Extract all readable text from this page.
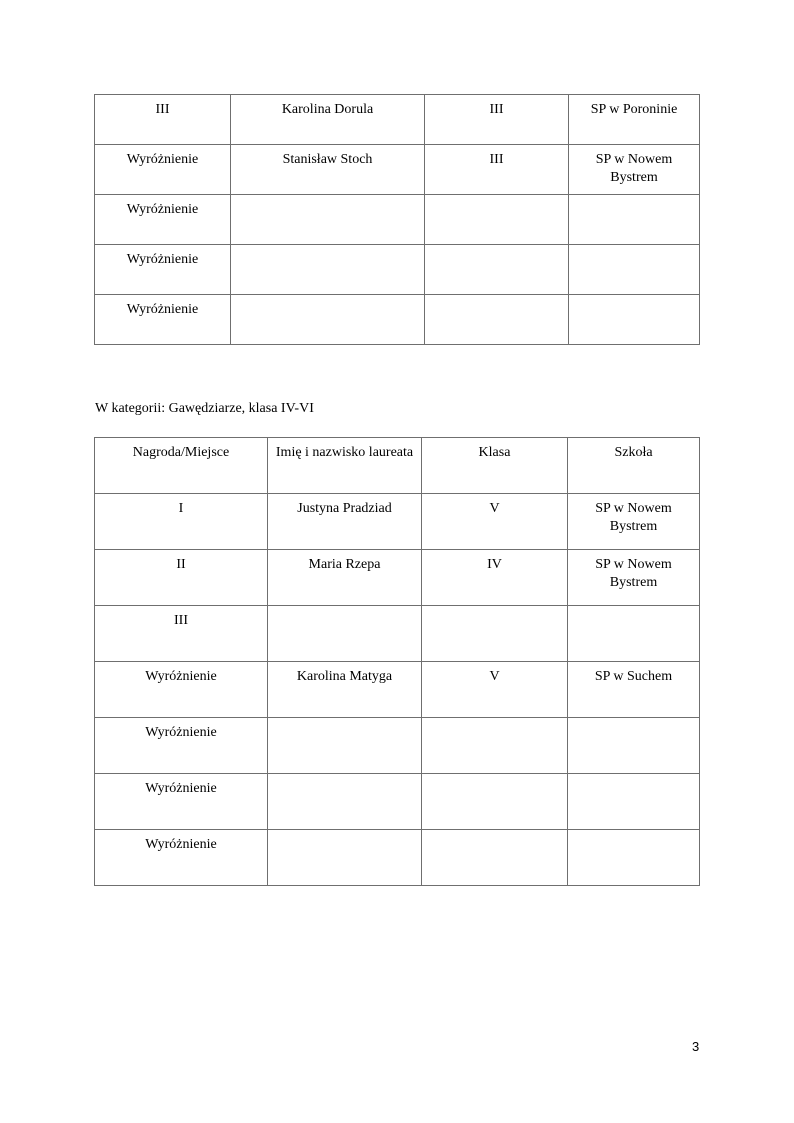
III	Karolina Dorula	III	SP w Poroninie
Wyróżnienie	Stanisław Stoch	III	SP w Nowem Bystrem
Wyróżnienie			
Wyróżnienie			
Wyróżnienie			
W kategorii: Gawędziarze, klasa IV-VI
Nagroda/Miejsce	Imię i nazwisko laureata	Klasa	Szkoła
I	Justyna Pradziad	V	SP w Nowem Bystrem
II	Maria Rzepa	IV	SP w Nowem Bystrem
III			
Wyróżnienie	Karolina Matyga	V	SP w Suchem
Wyróżnienie			
Wyróżnienie			
Wyróżnienie			
3
